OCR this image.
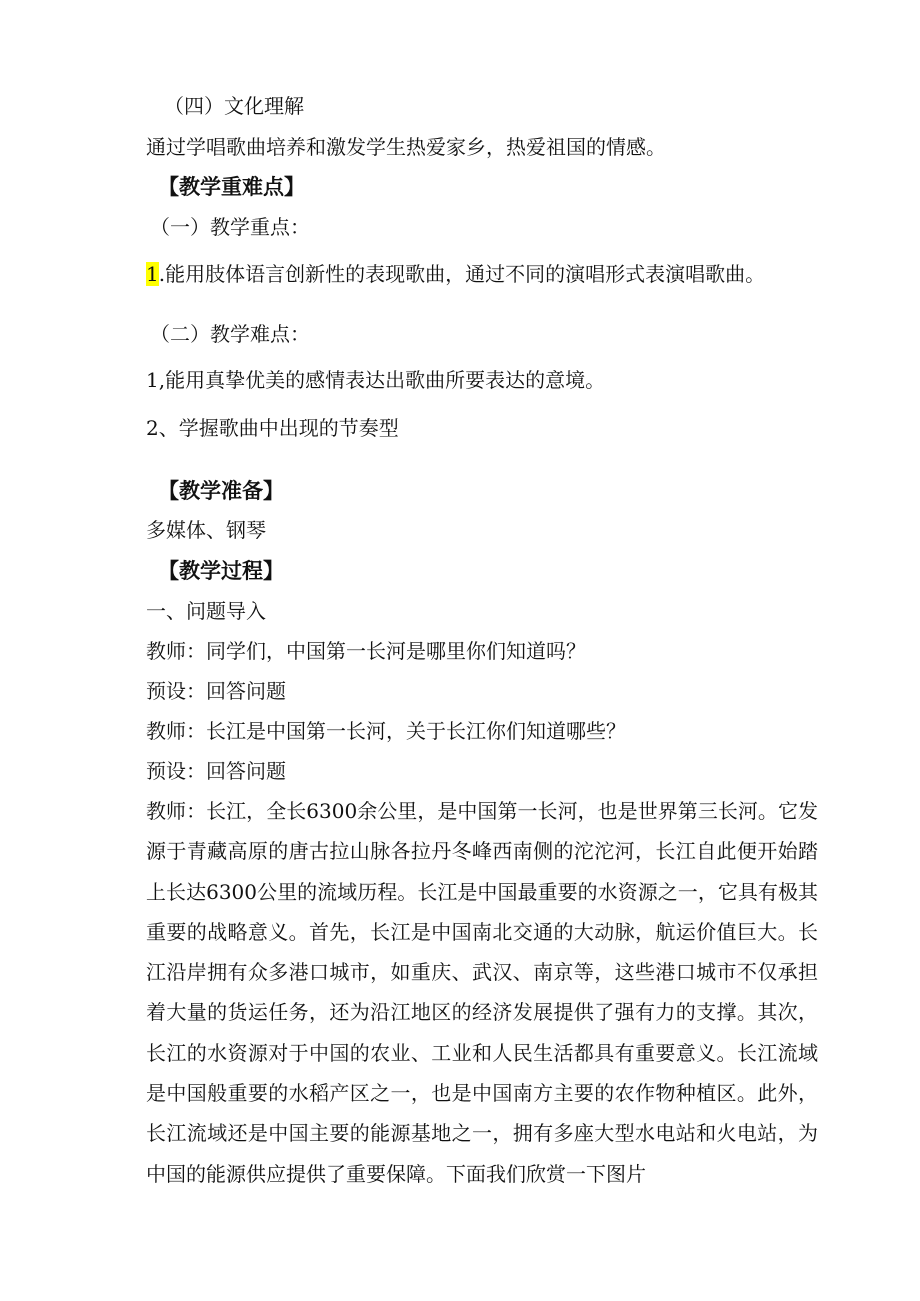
（四）文化理解
通过学唱歌曲培养和激发学生热爱家乡，热爱祖国的情感。
【教学重难点】
（一）教学重点：
1.能用肢体语言创新性的表现歌曲，通过不同的演唱形式表演唱歌曲。
（二）教学难点：
1,能用真挚优美的感情表达出歌曲所要表达的意境。
2、学握歌曲中出现的节奏型
【教学准备】
多媒体、钢琴
【教学过程】
一、问题导入
教师：同学们，中国第一长河是哪里你们知道吗？
预设：回答问题
教师：长江是中国第一长河，关于长江你们知道哪些？
预设：回答问题
教师：长江，全长6300余公里，是中国第一长河，也是世界第三长河。它发源于青藏高原的唐古拉山脉各拉丹冬峰西南侧的沱沱河，长江自此便开始踏上长达6300公里的流域历程。长江是中国最重要的水资源之一，它具有极其重要的战略意义。首先，长江是中国南北交通的大动脉，航运价值巨大。长江沿岸拥有众多港口城市，如重庆、武汉、南京等，这些港口城市不仅承担着大量的货运任务，还为沿江地区的经济发展提供了强有力的支撑。其次，长江的水资源对于中国的农业、工业和人民生活都具有重要意义。长江流域是中国般重要的水稻产区之一，也是中国南方主要的农作物种植区。此外，长江流域还是中国主要的能源基地之一，拥有多座大型水电站和火电站，为中国的能源供应提供了重要保障。下面我们欣赏一下图片
